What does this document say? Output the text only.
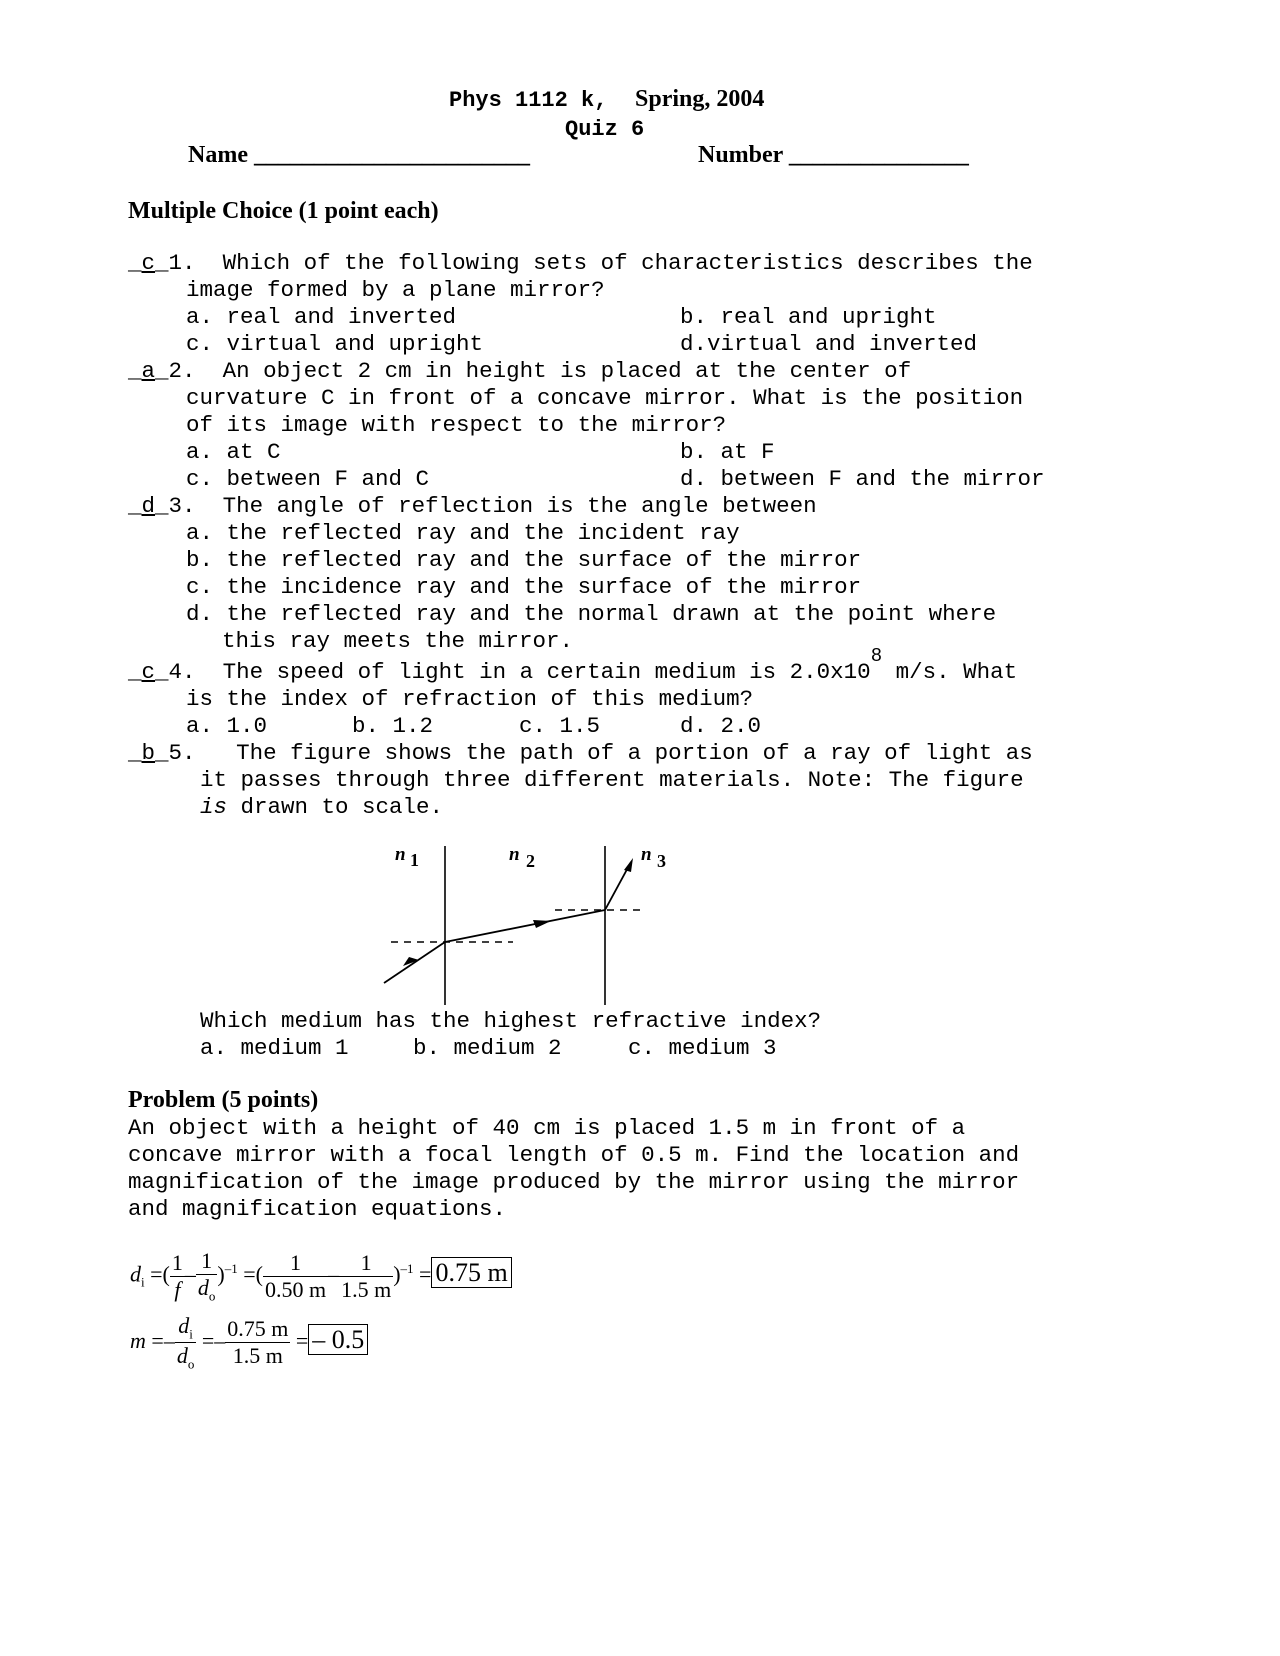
Phys 1112 k, Spring, 2004
Quiz 6
Name _______________________	Number _______________
Multiple Choice (1 point each)
_c_1. Which of the following sets of characteristics describes the
image formed by a plane mirror?
a. real and inverted	b. real and upright
c. virtual and upright	d.virtual and inverted
_a_2. An object 2 cm in height is placed at the center of
curvature C in front of a concave mirror. What is the position
of its image with respect to the mirror?
a. at C	b. at F
c. between F and C	d. between F and the mirror
_d_3. The angle of reflection is the angle between
a. the reflected ray and the incident ray
b. the reflected ray and the surface of the mirror
c. the incidence ray and the surface of the mirror
d. the reflected ray and the normal drawn at the point where
this ray meets the mirror.
_c_4. The speed of light in a certain medium is $2.0x10^8$ m/s. What
is the index of refraction of this medium?
a. 1.0	b. 1.2	c. 1.5	d. 2.0
_b_5. The figure shows the path of a portion of a ray of light as
it passes through three different materials. Note: The figure
is drawn to scale.
n 1	n 2	n 3
Which medium has the highest refractive index?
a. medium 1	b. medium 2	c. medium 3
Problem (5 points)
An object with a height of 40 cm is placed 1.5 m in front of a
concave mirror with a focal length of 0.5 m. Find the location and
magnification of the image produced by the mirror using the mirror
and magnification equations.
$d_i$ =( $\frac{1}{f} - \frac{1}{d_o} )^{-1}$ =( $\frac{1}{0.50 m} - \frac{1}{1.5 m} )^{-1} = 0.75$ m
$m =- \frac{d_i}{d_o} =- \frac{0.75 m}{1.5 m}$ = – 0.5
